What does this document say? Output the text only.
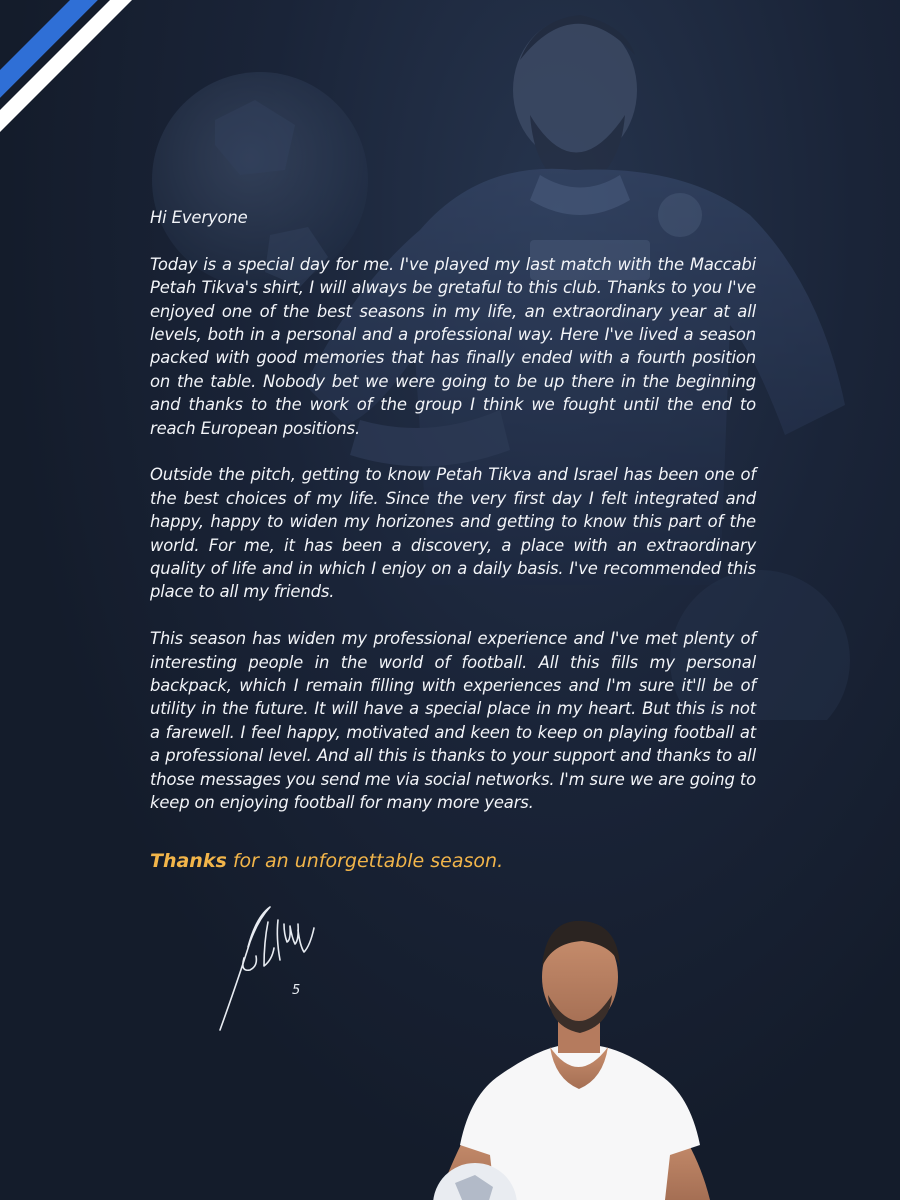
Hi Everyone

Today is a special day for me. I've played my last match with the Maccabi Petah Tikva's shirt, I will always be gretaful to this club. Thanks to you I've enjoyed one of the best seasons in my life, an extraordinary year at all levels, both in a personal and a professional way. Here I've lived a season packed with good memories that has finally ended with a fourth position on the table. Nobody bet we were going to be up there in the beginning and thanks to the work of the group I think we fought until the end to reach European positions.

Outside the pitch, getting to know Petah Tikva and Israel has been one of the best choices of my life. Since the very first day I felt integrated and happy, happy to widen my horizones and getting to know this part of the world. For me, it has been a discovery, a place with an extraordinary quality of life and in which I enjoy on a daily basis. I've recommended this place to all my friends.

This season has widen my professional experience and I've met plenty of interesting people in the world of football. All this fills my personal backpack, which I remain filling with experiences and I'm sure it'll be of utility in the future. It will have a special place in my heart. But this is not a farewell. I feel happy, motivated and keen to keep on playing football at a professional level. And all this is thanks to your support and thanks to all those messages you send me via social networks. I'm sure we are going to keep on enjoying football for many more years.

Thanks for an unforgettable season.
5
